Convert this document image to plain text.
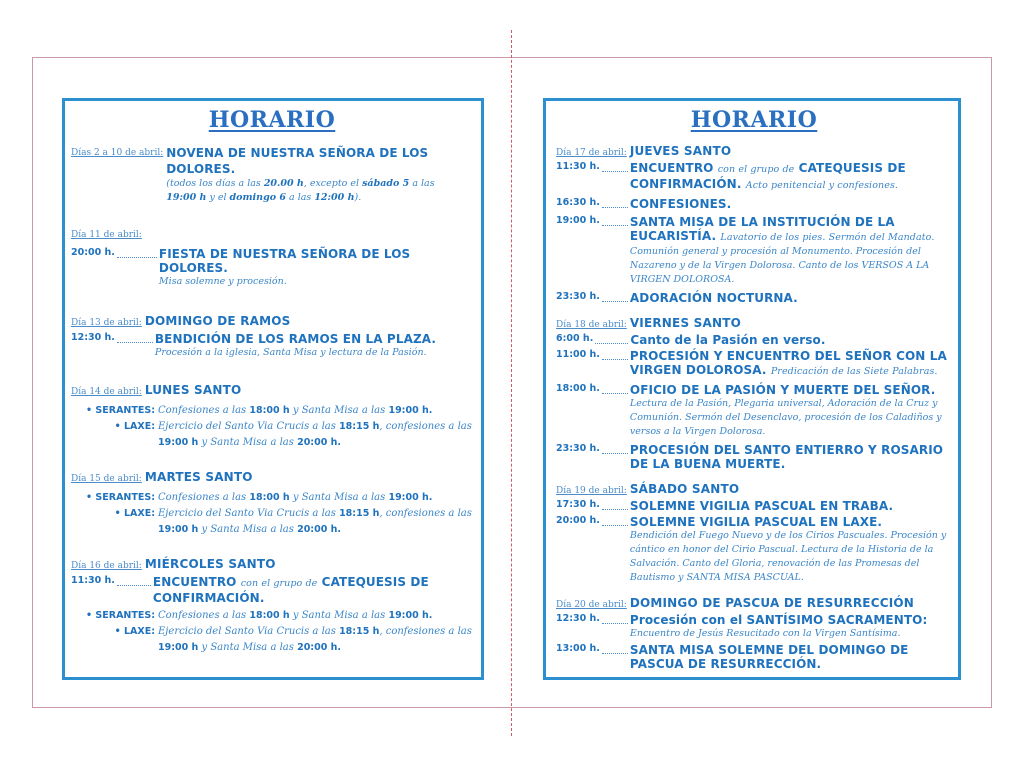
HORARIO
Días 2 a 10 de abril: NOVENA DE NUESTRA SEÑORA DE LOS DOLORES.
(todos los días a las 20.00 h, excepto el sábado 5 a las 19:00 h y el domingo 6 a las 12:00 h).
Día 11 de abril:
20:00 h.	FIESTA DE NUESTRA SEÑORA DE LOS DOLORES.
Misa solemne y procesión.
Día 13 de abril: DOMINGO DE RAMOS
12:30 h.	BENDICIÓN DE LOS RAMOS EN LA PLAZA.
Procesión a la iglesia, Santa Misa y lectura de la Pasión.
Día 14 de abril: LUNES SANTO
• SERANTES: Confesiones a las 18:00 h y Santa Misa a las 19:00 h.
• LAXE: Ejercicio del Santo Via Crucis a las 18:15 h, confesiones a las 19:00 h y Santa Misa a las 20:00 h.
Día 15 de abril: MARTES SANTO
• SERANTES: Confesiones a las 18:00 h y Santa Misa a las 19:00 h.
• LAXE: Ejercicio del Santo Via Crucis a las 18:15 h, confesiones a las 19:00 h y Santa Misa a las 20:00 h.
Día 16 de abril: MIÉRCOLES SANTO
11:30 h.	ENCUENTRO con el grupo de CATEQUESIS DE CONFIRMACIÓN.
• SERANTES: Confesiones a las 18:00 h y Santa Misa a las 19:00 h.
• LAXE: Ejercicio del Santo Via Crucis a las 18:15 h, confesiones a las 19:00 h y Santa Misa a las 20:00 h.
HORARIO
Día 17 de abril: JUEVES SANTO
11:30 h.	ENCUENTRO con el grupo de CATEQUESIS DE CONFIRMACIÓN. Acto penitencial y confesiones.
16:30 h.	CONFESIONES.
19:00 h.	SANTA MISA DE LA INSTITUCIÓN DE LA EUCARISTÍA. Lavatorio de los pies. Sermón del Mandato.
Comunión general y procesión al Monumento. Procesión del Nazareno y de la Virgen Dolorosa. Canto de los VERSOS A LA VIRGEN DOLOROSA.
23:30 h.	ADORACIÓN NOCTURNA.
Día 18 de abril: VIERNES SANTO
6:00 h.	Canto de la Pasión en verso.
11:00 h.	PROCESIÓN Y ENCUENTRO DEL SEÑOR CON LA VIRGEN DOLOROSA. Predicación de las Siete Palabras.
18:00 h.	OFICIO DE LA PASIÓN Y MUERTE DEL SEÑOR.
Lectura de la Pasión, Plegaria universal, Adoración de la Cruz y Comunión. Sermón del Desenclavo, procesión de los Caladiños y versos a la Virgen Dolorosa.
23:30 h.	PROCESIÓN DEL SANTO ENTIERRO Y ROSARIO DE LA BUENA MUERTE.
Día 19 de abril: SÁBADO SANTO
17:30 h.	SOLEMNE VIGILIA PASCUAL EN TRABA.
20:00 h.	SOLEMNE VIGILIA PASCUAL EN LAXE.
Bendición del Fuego Nuevo y de los Cirios Pascuales. Procesión y cántico en honor del Cirio Pascual. Lectura de la Historia de la Salvación. Canto del Gloria, renovación de las Promesas del Bautismo y SANTA MISA PASCUAL.
Día 20 de abril: DOMINGO DE PASCUA DE RESURRECCIÓN
12:30 h.	Procesión con el SANTÍSIMO SACRAMENTO:
Encuentro de Jesús Resucitado con la Virgen Santísima.
13:00 h.	SANTA MISA SOLEMNE DEL DOMINGO DE PASCUA DE RESURRECCIÓN.
